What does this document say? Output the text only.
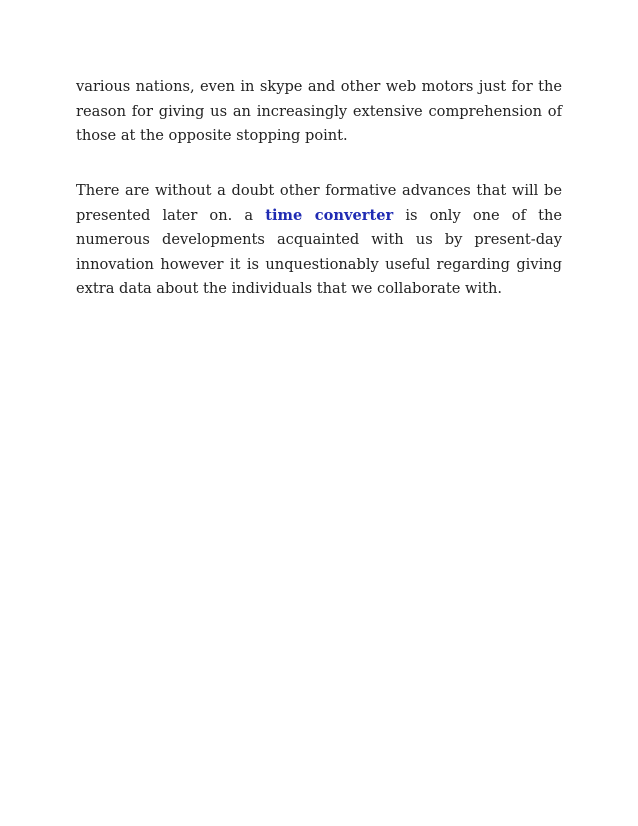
various nations, even in skype and other web motors just for the reason for giving us an increasingly extensive comprehension of those at the opposite stopping point.

There are without a doubt other formative advances that will be presented later on. a time converter is only one of the numerous developments acquainted with us by present-day innovation however it is unquestionably useful regarding giving extra data about the individuals that we collaborate with.
